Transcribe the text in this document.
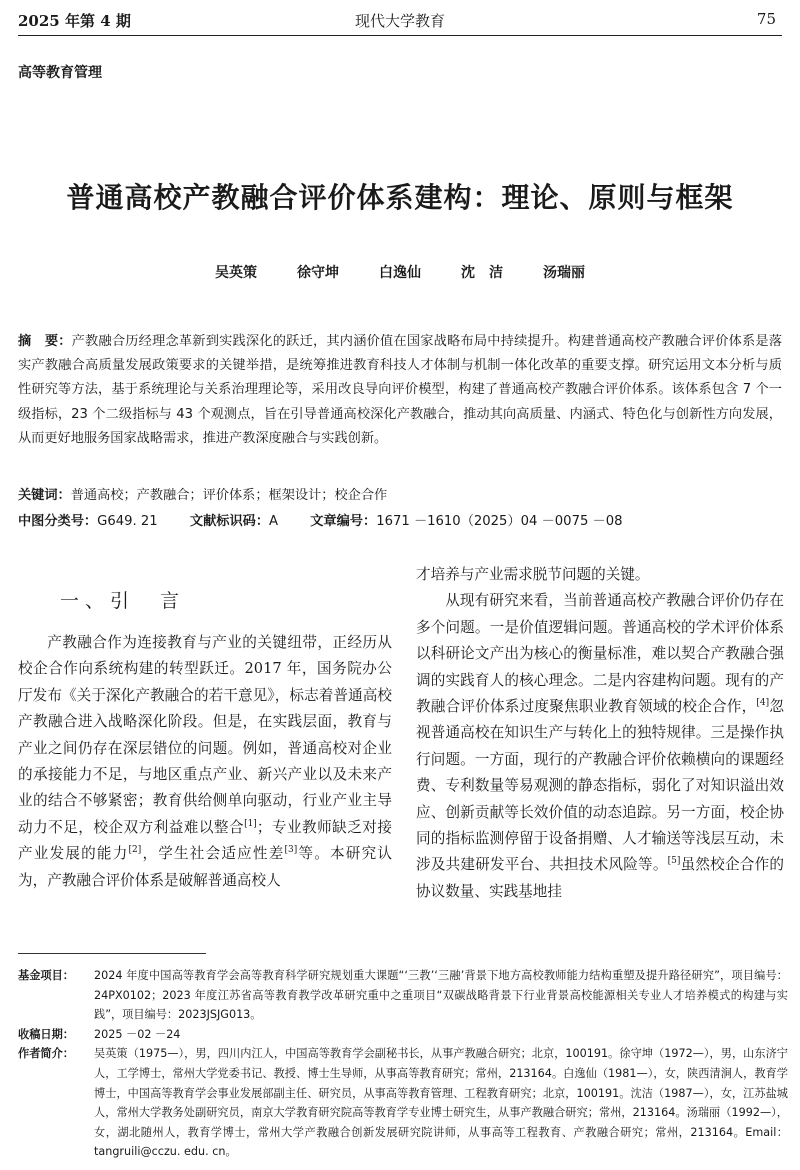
2025 年第 4 期	现代大学教育	75
高等教育管理
普通高校产教融合评价体系建构：理论、原则与框架
吴英策	徐守坤	白逸仙	沈　洁	汤瑞丽
摘　要：产教融合历经理念革新到实践深化的跃迁，其内涵价值在国家战略布局中持续提升。构建普通高校产教融合评价体系是落实产教融合高质量发展政策要求的关键举措，是统筹推进教育科技人才体制与机制一体化改革的重要支撑。研究运用文本分析与质性研究等方法，基于系统理论与关系治理理论等，采用改良导向评价模型，构建了普通高校产教融合评价体系。该体系包含 7 个一级指标，23 个二级指标与 43 个观测点，旨在引导普通高校深化产教融合，推动其向高质量、内涵式、特色化与创新性方向发展，从而更好地服务国家战略需求，推进产教深度融合与实践创新。
关键词：普通高校；产教融合；评价体系；框架设计；校企合作
中图分类号：G649. 21 文献标识码：A 文章编号：1671 －1610（2025）04 －0075 －08
一、引　言

产教融合作为连接教育与产业的关键纽带，正经历从校企合作向系统构建的转型跃迁。2017 年，国务院办公厅发布《关于深化产教融合的若干意见》，标志着普通高校产教融合进入战略深化阶段。但是，在实践层面，教育与产业之间仍存在深层错位的问题。例如，普通高校对企业的承接能力不足，与地区重点产业、新兴产业以及未来产业的结合不够紧密；教育供给侧单向驱动，行业产业主导动力不足，校企双方利益难以整合[1]；专业教师缺乏对接产业发展的能力[2]，学生社会适应性差[3]等。本研究认为，产教融合评价体系是破解普通高校人

才培养与产业需求脱节问题的关键。

从现有研究来看，当前普通高校产教融合评价仍存在多个问题。一是价值逻辑问题。普通高校的学术评价体系以科研论文产出为核心的衡量标准，难以契合产教融合强调的实践育人的核心理念。二是内容建构问题。现有的产教融合评价体系过度聚焦职业教育领域的校企合作，[4]忽视普通高校在知识生产与转化上的独特规律。三是操作执行问题。一方面，现行的产教融合评价依赖横向的课题经费、专利数量等易观测的静态指标，弱化了对知识溢出效应、创新贡献等长效价值的动态追踪。另一方面，校企协同的指标监测停留于设备捐赠、人才输送等浅层互动，未涉及共建研发平台、共担技术风险等。[5]虽然校企合作的协议数量、实践基地挂

基金项目：	2024 年度中国高等教育学会高等教育科学研究规划重大课题“‘三教’‘三融’背景下地方高校教师能力结构重塑及提升路径研究”，项目编号：24PX0102；2023 年度江苏省高等教育教学改革研究重中之重项目“双碳战略背景下行业背景高校能源相关专业人才培养模式的构建与实践”，项目编号：2023JSJG013。
收稿日期：	2025 －02 －24
作者简介：	吴英策（1975—），男，四川内江人，中国高等教育学会副秘书长，从事产教融合研究；北京，100191。徐守坤（1972—），男，山东济宁人，工学博士，常州大学党委书记、教授、博士生导师，从事高等教育研究；常州，213164。白逸仙（1981—），女，陕西清涧人，教育学博士，中国高等教育学会事业发展部副主任、研究员，从事高等教育管理、工程教育研究；北京，100191。沈洁（1987—），女，江苏盐城人，常州大学教务处副研究员，南京大学教育研究院高等教育学专业博士研究生，从事产教融合研究；常州，213164。汤瑞丽（1992—），女，湖北随州人，教育学博士，常州大学产教融合创新发展研究院讲师，从事高等工程教育、产教融合研究；常州，213164。Email：tangruili@cczu. edu. cn。
